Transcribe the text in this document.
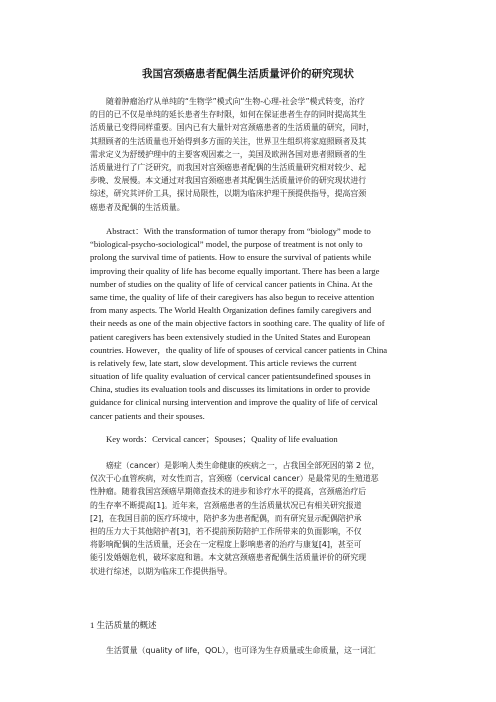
我国宫颈癌患者配偶生活质量评价的研究现状
随着肿瘤治疗从单纯的“生物学”模式向“生物-心理-社会学”模式转变，治疗
的目的已不仅是单纯的延长患者生存时限，如何在保证患者生存的同时提高其生
活质量已变得同样重要。国内已有大量针对宫颈癌患者的生活质量的研究，同时，
其照顾者的生活质量也开始得到多方面的关注，世界卫生组织将家庭照顾者及其
需求定义为舒缓护理中的主要客观因素之一，美国及欧洲各国对患者照顾者的生
活质量进行了广泛研究，而我国对宫颈癌患者配偶的生活质量研究相对较少、起
步晚、发展慢。本文通过对我国宫颈癌患者其配偶生活质量评价的研究现状进行
综述，研究其评价工具，探讨局限性，以期为临床护理干预提供指导，提高宫颈
癌患者及配偶的生活质量。
Abstract：With the transformation of tumor therapy from “biology” mode to
“biological-psycho-sociological” model, the purpose of treatment is not only to
prolong the survival time of patients. How to ensure the survival of patients while
improving their quality of life has become equally important. There has been a large
number of studies on the quality of life of cervical cancer patients in China. At the
same time, the quality of life of their caregivers has also begun to receive attention
from many aspects. The World Health Organization defines family caregivers and
their needs as one of the main objective factors in soothing care. The quality of life of
patient caregivers has been extensively studied in the United States and European
countries. However，the quality of life of spouses of cervical cancer patients in China
is relatively few, late start, slow development. This article reviews the current
situation of life quality evaluation of cervical cancer patientsundefined spouses in
China, studies its evaluation tools and discusses its limitations in order to provide
guidance for clinical nursing intervention and improve the quality of life of cervical
cancer patients and their spouses.
Key words：Cervical cancer；Spouses；Quality of life evaluation
癌症（cancer）是影响人类生命健康的疾病之一，占我国全部死因的第 2 位，
仅次于心血管疾病，对女性而言，宫颈癌（cervical cancer）是最常见的生殖道恶
性肿瘤。随着我国宫颈癌早期筛查技术的进步和诊疗水平的提高，宫颈癌治疗后
的生存率不断提高[1]。近年来，宫颈癌患者的生活质量状况已有相关研究报道
[2]，在我国目前的医疗环境中，陪护多为患者配偶，而有研究显示配偶陪护承
担的压力大于其他陪护者[3]，若不提前预防陪护工作所带来的负面影响，不仅
将影响配偶的生活质量，还会在一定程度上影响患者的治疗与康复[4]，甚至可
能引发婚姻危机，破坏家庭和谐。本文就宫颈癌患者配偶生活质量评价的研究现
状进行综述，以期为临床工作提供指导。
1 生活质量的概述
生活質量（quality of life，QOL），也可译为生存质量或生命质量，这一词汇
